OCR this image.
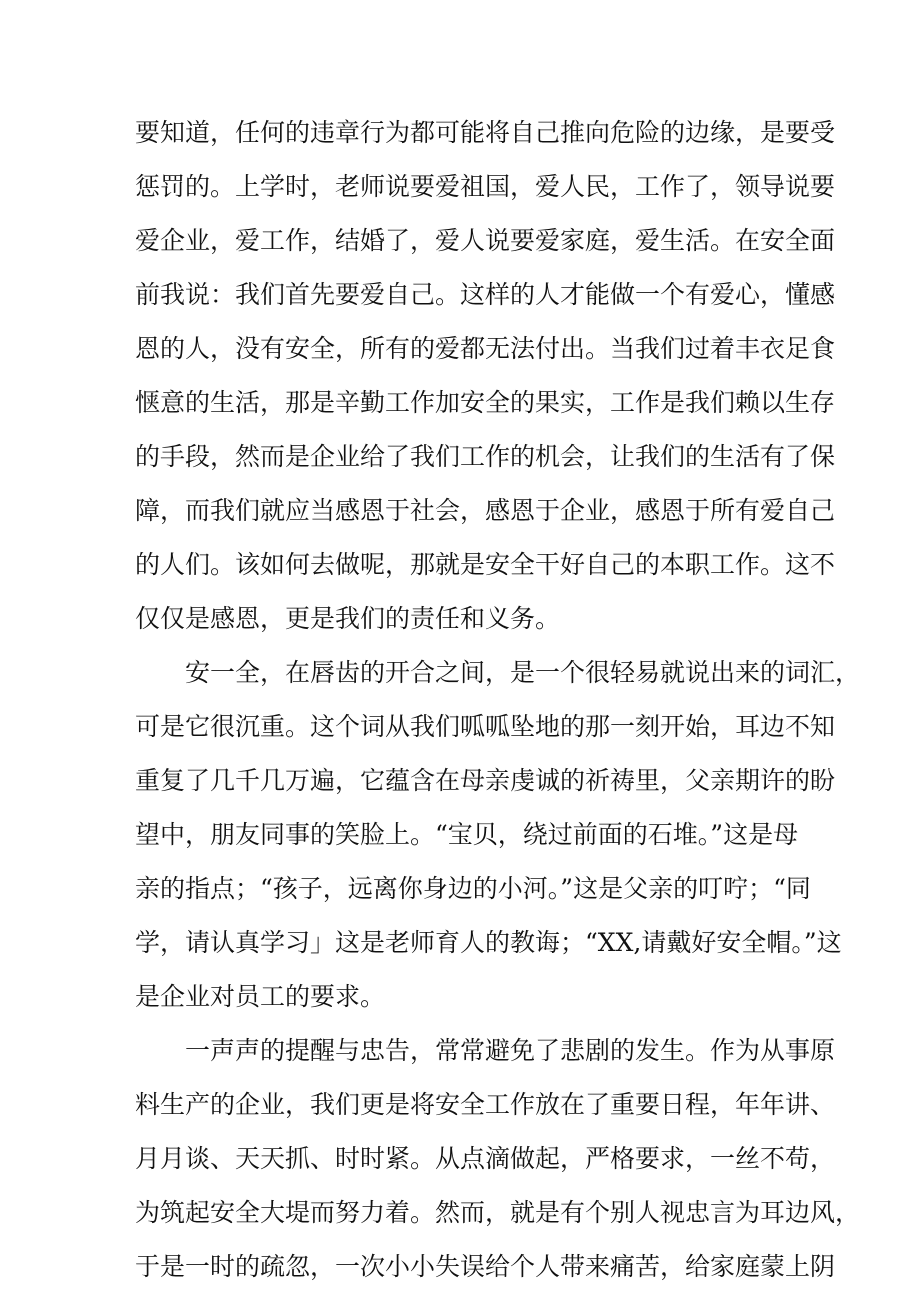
要知道，任何的违章行为都可能将自己推向危险的边缘，是要受
惩罚的。上学时，老师说要爱祖国，爱人民，工作了，领导说要
爱企业，爱工作，结婚了，爱人说要爱家庭，爱生活。在安全面
前我说：我们首先要爱自己。这样的人才能做一个有爱心，懂感
恩的人，没有安全，所有的爱都无法付出。当我们过着丰衣足食
惬意的生活，那是辛勤工作加安全的果实，工作是我们赖以生存
的手段，然而是企业给了我们工作的机会，让我们的生活有了保
障，而我们就应当感恩于社会，感恩于企业，感恩于所有爱自己
的人们。该如何去做呢，那就是安全干好自己的本职工作。这不
仅仅是感恩，更是我们的责任和义务。
安一全，在唇齿的开合之间，是一个很轻易就说出来的词汇，
可是它很沉重。这个词从我们呱呱坠地的那一刻开始，耳边不知
重复了几千几万遍，它蕴含在母亲虔诚的祈祷里，父亲期许的盼
望中，朋友同事的笑脸上。“宝贝，绕过前面的石堆。”这是母
亲的指点；“孩子，远离你身边的小河。”这是父亲的叮咛；“同
学，请认真学习」这是老师育人的教诲；“XX,请戴好安全帽。”这
是企业对员工的要求。
一声声的提醒与忠告，常常避免了悲剧的发生。作为从事原
料生产的企业，我们更是将安全工作放在了重要日程，年年讲、
月月谈、天天抓、时时紧。从点滴做起，严格要求，一丝不苟，
为筑起安全大堤而努力着。然而，就是有个别人视忠言为耳边风，
于是一时的疏忽，一次小小失误给个人带来痛苦，给家庭蒙上阴
